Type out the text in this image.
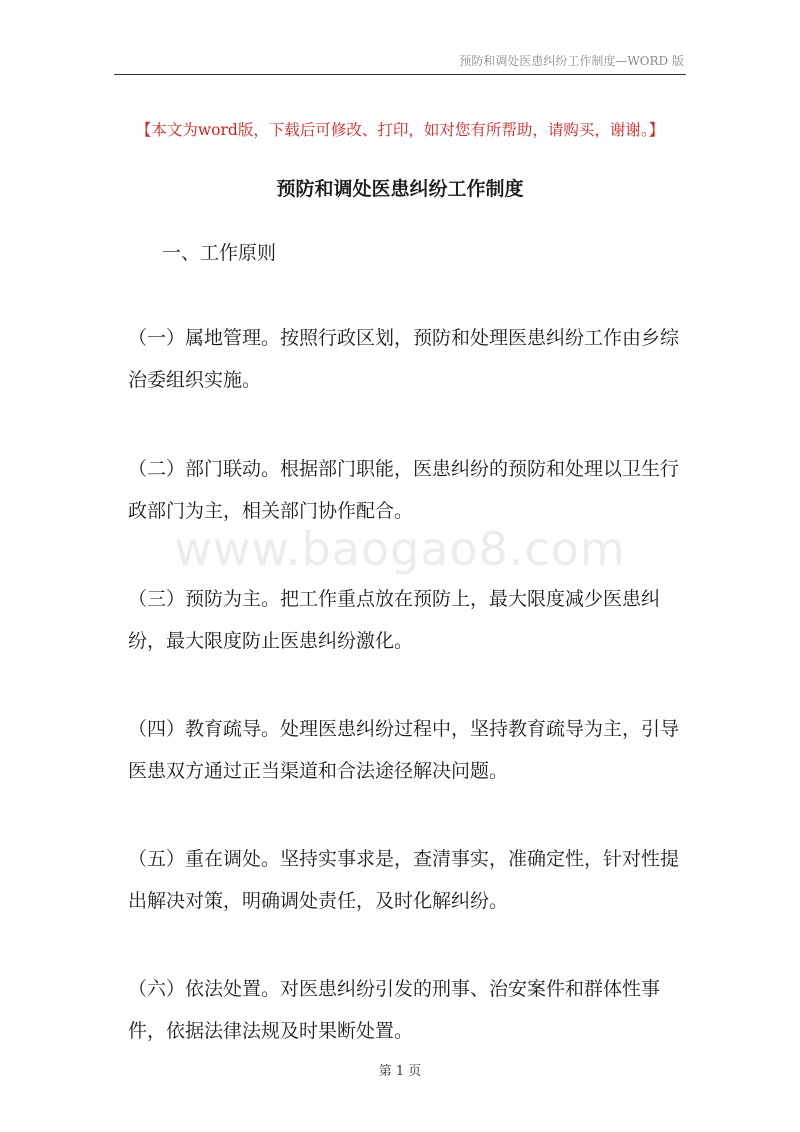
预防和调处医患纠纷工作制度—WORD 版
【本文为word版，下载后可修改、打印，如对您有所帮助，请购买，谢谢。】
预防和调处医患纠纷工作制度
一、工作原则
（一）属地管理。按照行政区划，预防和处理医患纠纷工作由乡综治委组织实施。
（二）部门联动。根据部门职能，医患纠纷的预防和处理以卫生行政部门为主，相关部门协作配合。
（三）预防为主。把工作重点放在预防上，最大限度减少医患纠纷，最大限度防止医患纠纷激化。
（四）教育疏导。处理医患纠纷过程中，坚持教育疏导为主，引导医患双方通过正当渠道和合法途径解决问题。
（五）重在调处。坚持实事求是，查清事实，准确定性，针对性提出解决对策，明确调处责任，及时化解纠纷。
（六）依法处置。对医患纠纷引发的刑事、治安案件和群体性事件，依据法律法规及时果断处置。
www.baogao8.com
第 1 页
